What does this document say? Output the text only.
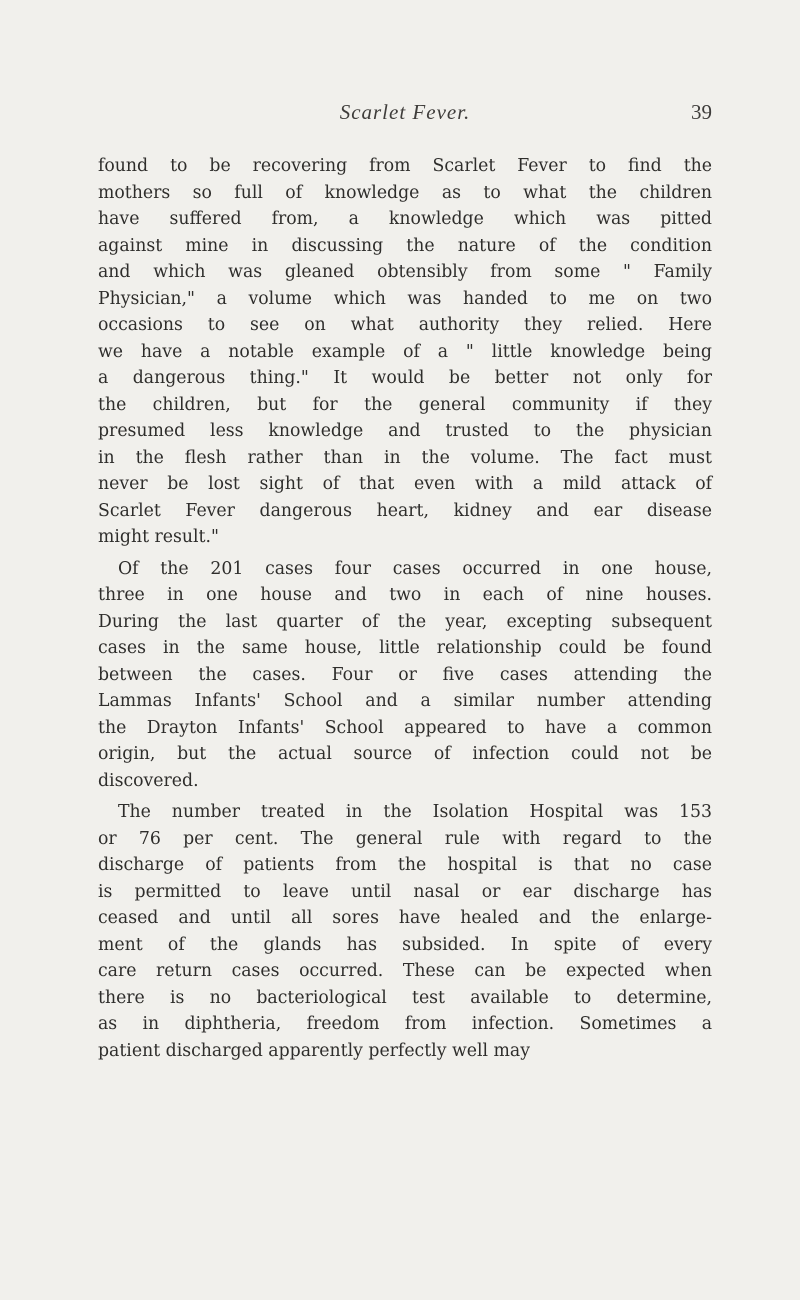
Scarlet Fever.	39

found to be recovering from Scarlet Fever to find the
mothers so full of knowledge as to what the children
have suffered from, a knowledge which was pitted
against mine in discussing the nature of the condition
and which was gleaned obtensibly from some " Family
Physician," a volume which was handed to me on two
occasions to see on what authority they relied. Here
we have a notable example of a " little knowledge being
a dangerous thing." It would be better not only for
the children, but for the general community if they
presumed less knowledge and trusted to the physician
in the flesh rather than in the volume. The fact must
never be lost sight of that even with a mild attack of
Scarlet Fever dangerous heart, kidney and ear disease
might result."

Of the 201 cases four cases occurred in one house,
three in one house and two in each of nine houses.
During the last quarter of the year, excepting subsequent
cases in the same house, little relationship could be found
between the cases. Four or five cases attending the
Lammas Infants' School and a similar number attending
the Drayton Infants' School appeared to have a common
origin, but the actual source of infection could not be
discovered.

The number treated in the Isolation Hospital was 153
or 76 per cent. The general rule with regard to the
discharge of patients from the hospital is that no case
is permitted to leave until nasal or ear discharge has
ceased and until all sores have healed and the enlarge-
ment of the glands has subsided. In spite of every
care return cases occurred. These can be expected when
there is no bacteriological test available to determine,
as in diphtheria, freedom from infection. Sometimes a
patient discharged apparently perfectly well may
